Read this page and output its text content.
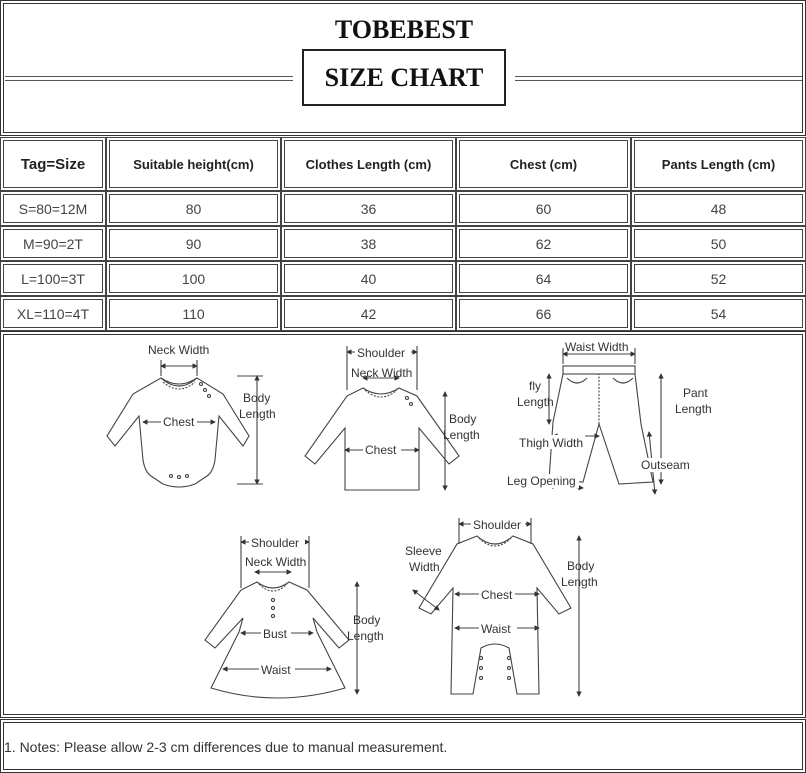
TOBEBEST
SIZE CHART
Tag=Size	Suitable height(cm)	Clothes Length (cm)	Chest (cm)	Pants Length (cm)
S=80=12M	80	36	60	48
M=90=2T	90	38	62	50
L=100=3T	100	40	64	52
XL=110=4T	110	42	66	54
Neck Width
Chest
Body
Length
Shoulder
Neck Width
Chest
Body
Length
Waist Width
fly
Length
Pant
Length
Thigh Width
Outseam
Leg Opening
Shoulder
Neck Width
Bust
Waist
Body
Length
Shoulder
Sleeve
Width
Chest
Waist
Body
Length
1. Notes: Please allow 2-3 cm differences due to manual measurement.
